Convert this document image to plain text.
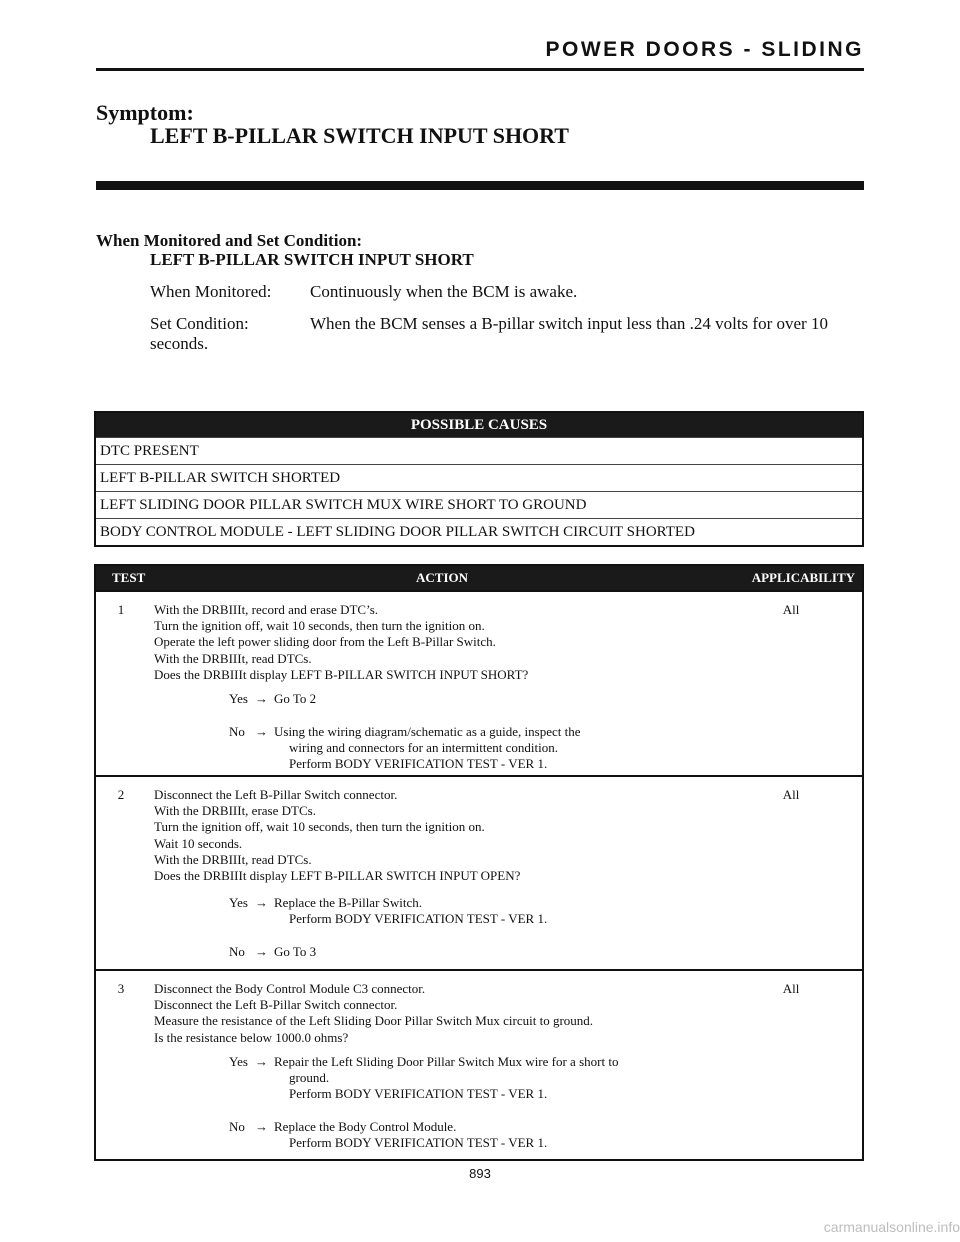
POWER DOORS - SLIDING
Symptom:
LEFT B-PILLAR SWITCH INPUT SHORT
When Monitored and Set Condition:
LEFT B-PILLAR SWITCH INPUT SHORT
When Monitored: Continuously when the BCM is awake.
Set Condition:	When the BCM senses a B-pillar switch input less than .24 volts for over 10 seconds.
POSSIBLE CAUSES
DTC PRESENT
LEFT B-PILLAR SWITCH SHORTED
LEFT SLIDING DOOR PILLAR SWITCH MUX WIRE SHORT TO GROUND
BODY CONTROL MODULE - LEFT SLIDING DOOR PILLAR SWITCH CIRCUIT SHORTED
TEST	ACTION	APPLICABILITY
1	With the DRBIIIt, record and erase DTC’s.
Turn the ignition off, wait 10 seconds, then turn the ignition on.
Operate the left power sliding door from the Left B-Pillar Switch.
With the DRBIIIt, read DTCs.
Does the DRBIIIt display LEFT B-PILLAR SWITCH INPUT SHORT?
All
Yes → Go To 2
No → Using the wiring diagram/schematic as a guide, inspect the
wiring and connectors for an intermittent condition.
Perform BODY VERIFICATION TEST - VER 1.
2	Disconnect the Left B-Pillar Switch connector.
With the DRBIIIt, erase DTCs.
Turn the ignition off, wait 10 seconds, then turn the ignition on.
Wait 10 seconds.
With the DRBIIIt, read DTCs.
Does the DRBIIIt display LEFT B-PILLAR SWITCH INPUT OPEN?
All
Yes → Replace the B-Pillar Switch.
Perform BODY VERIFICATION TEST - VER 1.
No → Go To 3
3	Disconnect the Body Control Module C3 connector.
Disconnect the Left B-Pillar Switch connector.
Measure the resistance of the Left Sliding Door Pillar Switch Mux circuit to ground.
Is the resistance below 1000.0 ohms?
All
Yes → Repair the Left Sliding Door Pillar Switch Mux wire for a short to
ground.
Perform BODY VERIFICATION TEST - VER 1.
No → Replace the Body Control Module.
Perform BODY VERIFICATION TEST - VER 1.
893
carmanualsonline.info
